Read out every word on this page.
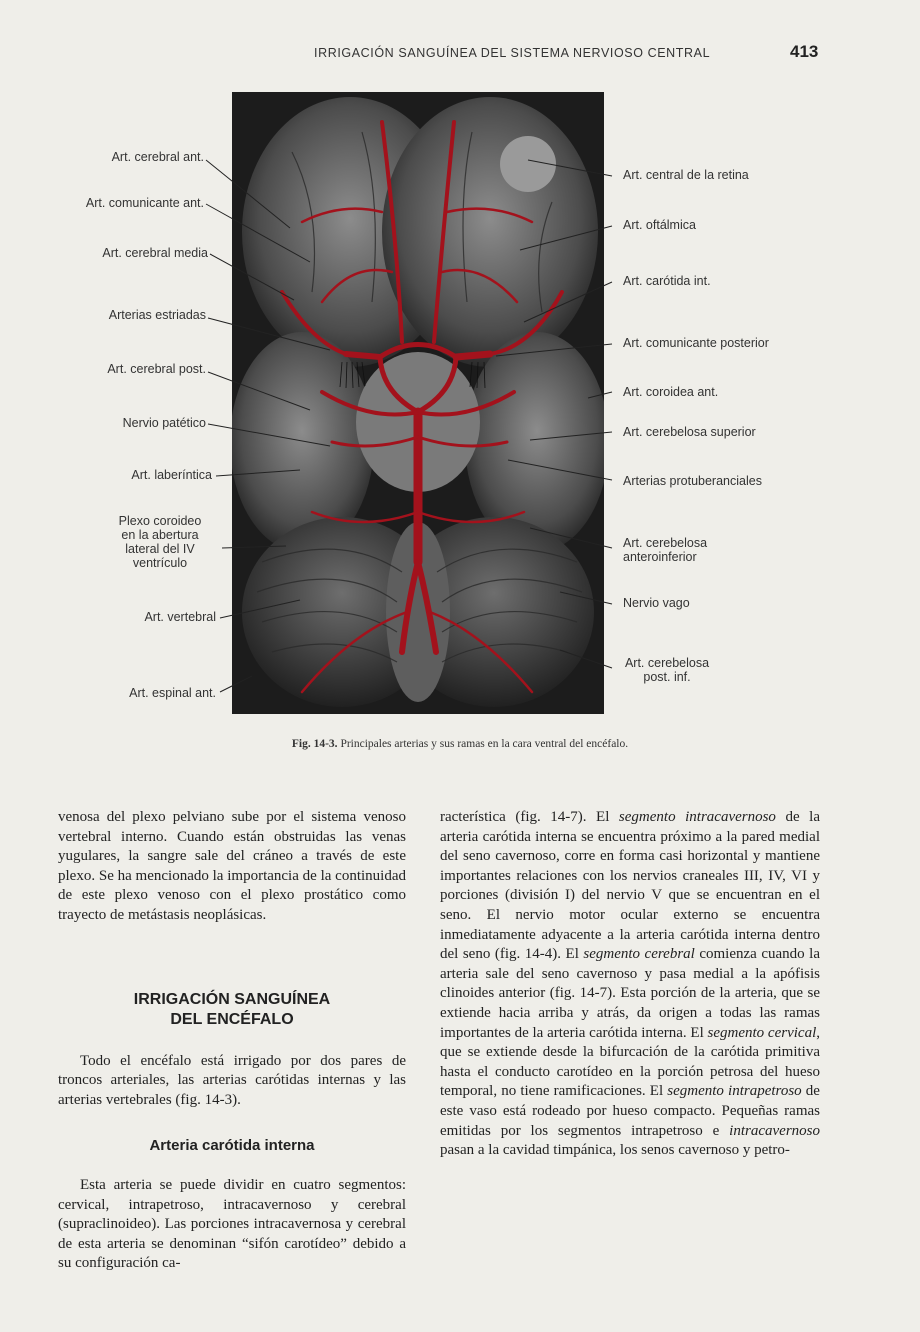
IRRIGACIÓN SANGUÍNEA DEL SISTEMA NERVIOSO CENTRAL	413
Art. cerebral ant.
Art. comunicante ant.
Art. cerebral media
Arterias estriadas
Art. cerebral post.
Nervio patético
Art. laberíntica
Plexo coroideo
en la abertura
lateral del IV
ventrículo
Art. vertebral
Art. espinal ant.
Art. central de la retina
Art. oftálmica
Art. carótida int.
Art. comunicante posterior
Art. coroidea ant.
Art. cerebelosa superior
Arterias protuberanciales
Art. cerebelosa
anteroinferior
Nervio vago
Art. cerebelosa
post. inf.
Fig. 14-3. Principales arterias y sus ramas en la cara ventral del encéfalo.

venosa del plexo pelviano sube por el sistema venoso vertebral interno. Cuando están obstruidas las venas yugulares, la sangre sale del cráneo a través de este plexo. Se ha mencionado la importancia de la continuidad de este plexo venoso con el plexo prostático como trayecto de metástasis neoplásicas.

IRRIGACIÓN SANGUÍNEA

DEL ENCÉFALO

Todo el encéfalo está irrigado por dos pares de troncos arteriales, las arterias carótidas internas y las arterias vertebrales (fig. 14-3).

Arteria carótida interna

Esta arteria se puede dividir en cuatro segmentos: cervical, intrapetroso, intracavernoso y cerebral (supraclinoideo). Las porciones intracavernosa y cerebral de esta arteria se denominan “sifón carotídeo” debido a su configuración ca-

racterística (fig. 14-7). El segmento intracavernoso de la arteria carótida interna se encuentra próximo a la pared medial del seno cavernoso, corre en forma casi horizontal y mantiene importantes relaciones con los nervios craneales III, IV, VI y porciones (división I) del nervio V que se encuentran en el seno. El nervio motor ocular externo se encuentra inmediatamente adyacente a la arteria carótida interna dentro del seno (fig. 14-4). El segmento cerebral comienza cuando la arteria sale del seno cavernoso y pasa medial a la apófisis clinoides anterior (fig. 14-7). Esta porción de la arteria, que se extiende hacia arriba y atrás, da origen a todas las ramas importantes de la arteria carótida interna. El segmento cervical, que se extiende desde la bifurcación de la carótida primitiva hasta el conducto carotídeo en la porción petrosa del hueso temporal, no tiene ramificaciones. El segmento intrapetroso de este vaso está rodeado por hueso compacto. Pequeñas ramas emitidas por los segmentos intrapetroso e intracavernoso pasan a la cavidad timpánica, los senos cavernoso y petro-
